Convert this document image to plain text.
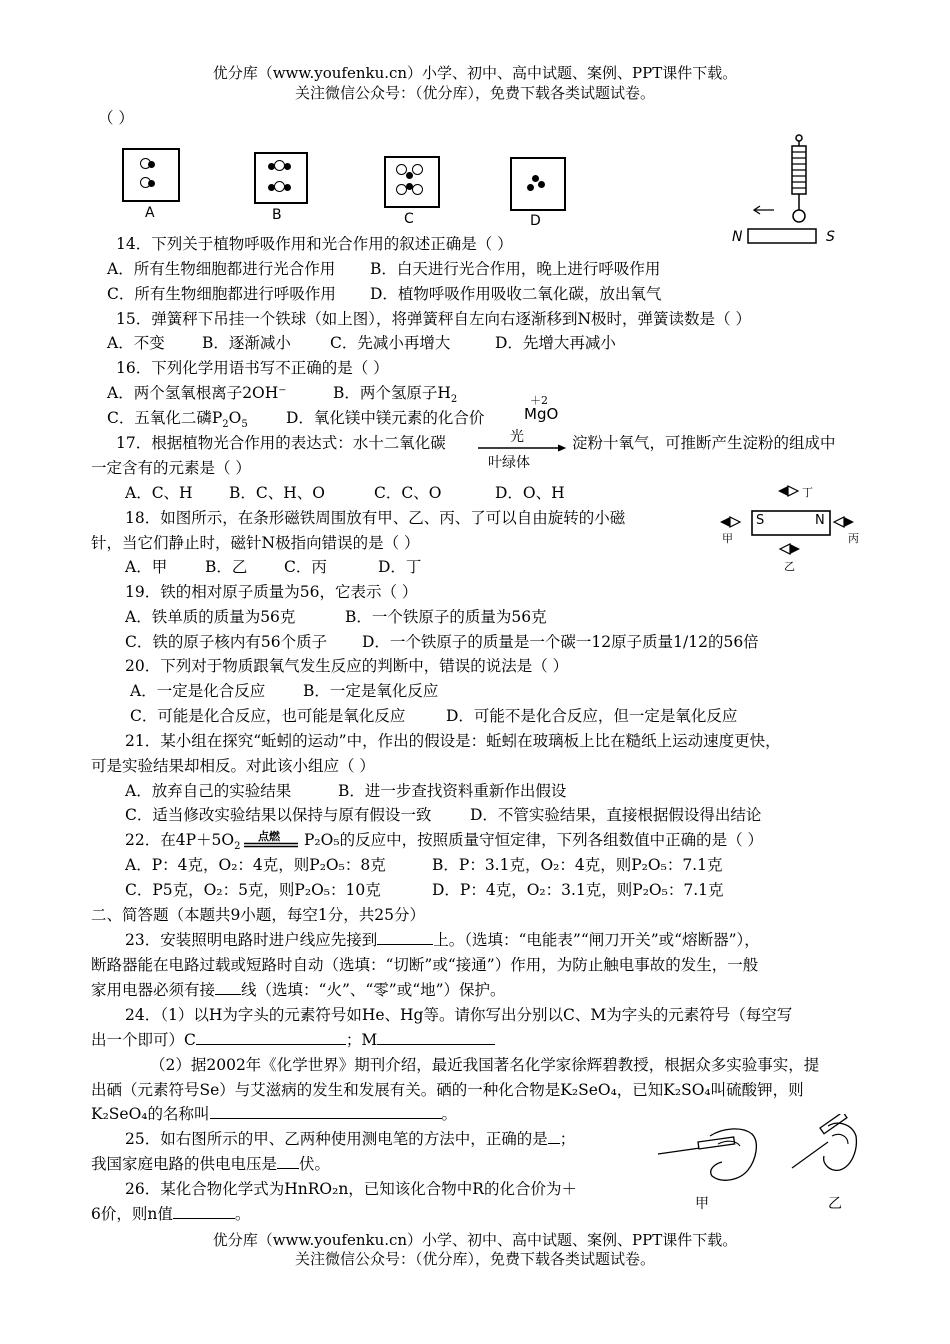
优分库（www.youfenku.cn）小学、初中、高中试题、案例、PPT课件下载。
关注微信公众号：（优分库），免费下载各类试题试卷。
（ ）
A	B	C	D
N	S
14．下列关于植物呼吸作用和光合作用的叙述正确是（ ）
A．所有生物细胞都进行光合作用 B．白天进行光合作用，晚上进行呼吸作用
C．所有生物细胞都进行呼吸作用 D．植物呼吸作用吸收二氧化碳，放出氧气
15．弹簧秤下吊挂一个铁球（如上图），将弹簧秤自左向右逐渐移到N极时，弹簧读数是（ ）
A．不变 B．逐渐减小	C．先减小再增大	D．先增大再减小
16．下列化学用语书写不正确的是（ ）
A．两个氢氧根离子2OH⁻	B．两个氢原子$H_2$
C．五氧化二磷$P_2O_5$ D．氧化镁中镁元素的化合价
＋2
MgO
17．根据植物光合作用的表达式：水十二氧化碳	光
叶绿体
淀粉十氧气，可推断产生淀粉的组成中
一定含有的元素是（ ）
A．C、H B．C、H、O	C．C、O	D．O、H
S	N
丁
甲	丙
乙
18．如图所示，在条形磁铁周围放有甲、乙、丙、了可以自由旋转的小磁
针，当它们静止时，磁针N极指向错误的是（ ）
A．甲 B．乙 C．丙	D．丁
19．铁的相对原子质量为56，它表示（ ）
A．铁单质的质量为56克	B．一个铁原子的质量为56克
C．铁的原子核内有56个质子 D．一个铁原子的质量是一个碳一12原子质量1/12的56倍
20．下列对于物质跟氧气发生反应的判断中，错误的说法是（ ）
A．一定是化合反应 B．一定是氧化反应
C．可能是化合反应，也可能是氧化反应	D．可能不是化合反应，但一定是氧化反应
21．某小组在探究“蚯蚓的运动”中，作出的假设是：蚯蚓在玻璃板上比在糙纸上运动速度更快，
可是实验结果却相反。对此该小组应（ ）
A．放弃自己的实验结果	B．进一步查找资料重新作出假设
C．适当修改实验结果以保持与原有假设一致 D．不管实验结果，直接根据假设得出结论
22．在$4P+5O_2$
点燃 P₂O₅的反应中，按照质量守恒定律，下列各组数值中正确的是（ ）
A．P：4克，O₂：4克，则P₂O₅：8克	B．P：3.1克，O₂：4克，则P₂O₅：7.1克
C．P5克，O₂：5克，则P₂O₅：10克	D．P：4克，O₂：3.1克，则P₂O₅：7.1克
二、简答题（本题共9小题，每空1分，共25分）
23．安装照明电路时进户线应先接到	上。（选填：“电能表”“闸刀开关”或“熔断器”），
断路器能在电路过载或短路时自动（选填：“切断”或“接通”）作用，为防止触电事故的发生，一般
家用电器必须有接 线（选填：“火”、“零”或“地”）保护。
24．（1）以H为字头的元素符号如He、Hg等。请你写出分别以C、M为字头的元素符号（每空写
出一个即可）C	；M
（2）据2002年《化学世界》期刊介绍，最近我国著名化学家徐辉碧教授，根据众多实验事实，提
出硒（元素符号Se）与艾滋病的发生和发展有关。硒的一种化合物是K₂SeO₄，已知K₂SO₄叫硫酸钾，则
K₂SeO₄的名称叫	。
甲	乙
25．如右图所示的甲、乙两种使用测电笔的方法中，正确的是 ；
我国家庭电路的供电电压是 伏。
26．某化合物化学式为HnRO₂n，已知该化合物中R的化合价为＋
6价，则n值	。
优分库（www.youfenku.cn）小学、初中、高中试题、案例、PPT课件下载。
关注微信公众号：（优分库），免费下载各类试题试卷。
